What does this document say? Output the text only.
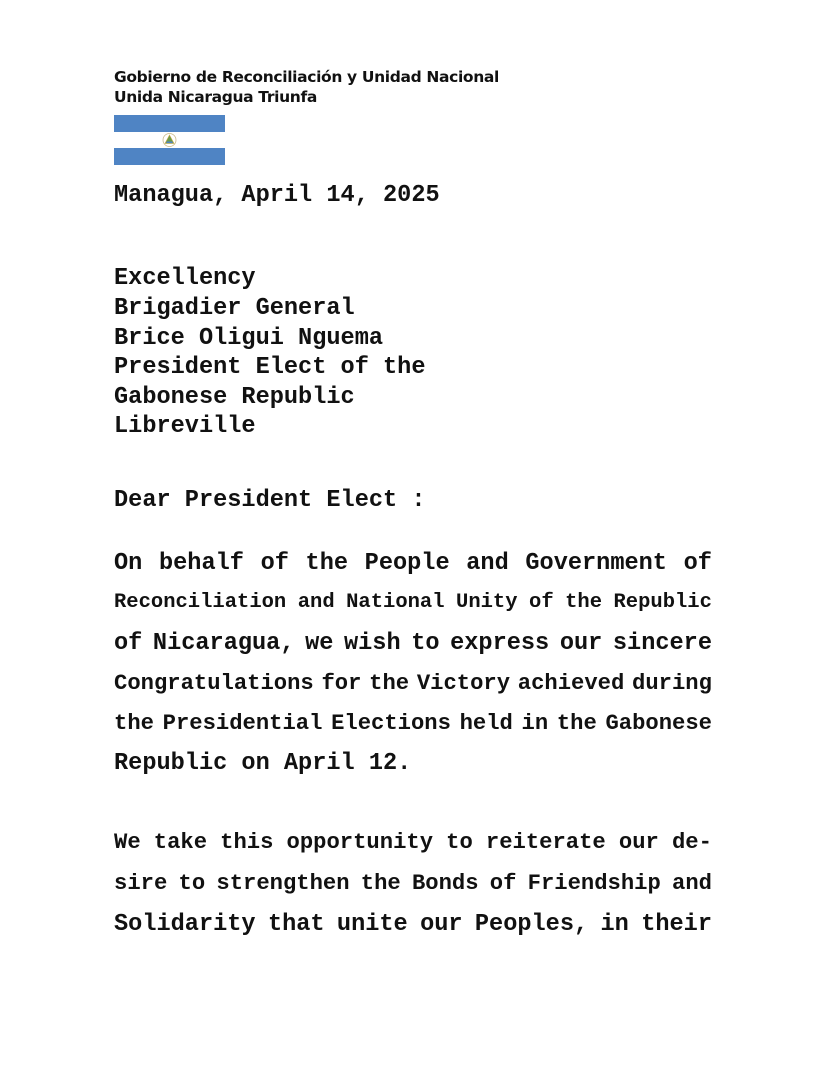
Gobierno de Reconciliación y Unidad Nacional
Unida Nicaragua Triunfa
Managua, April 14, 2025
Excellency
Brigadier General
Brice Oligui Nguema
President Elect of the
Gabonese Republic
Libreville
Dear President Elect :
On behalf of the People and Government of
Reconciliation and National Unity of the Republic
of Nicaragua, we wish to express our sincere
Congratulations for the Victory achieved during
the Presidential Elections held in the Gabonese
Republic on April 12.
We take this opportunity to reiterate our de-
sire to strengthen the Bonds of Friendship and
Solidarity that unite our Peoples, in their
